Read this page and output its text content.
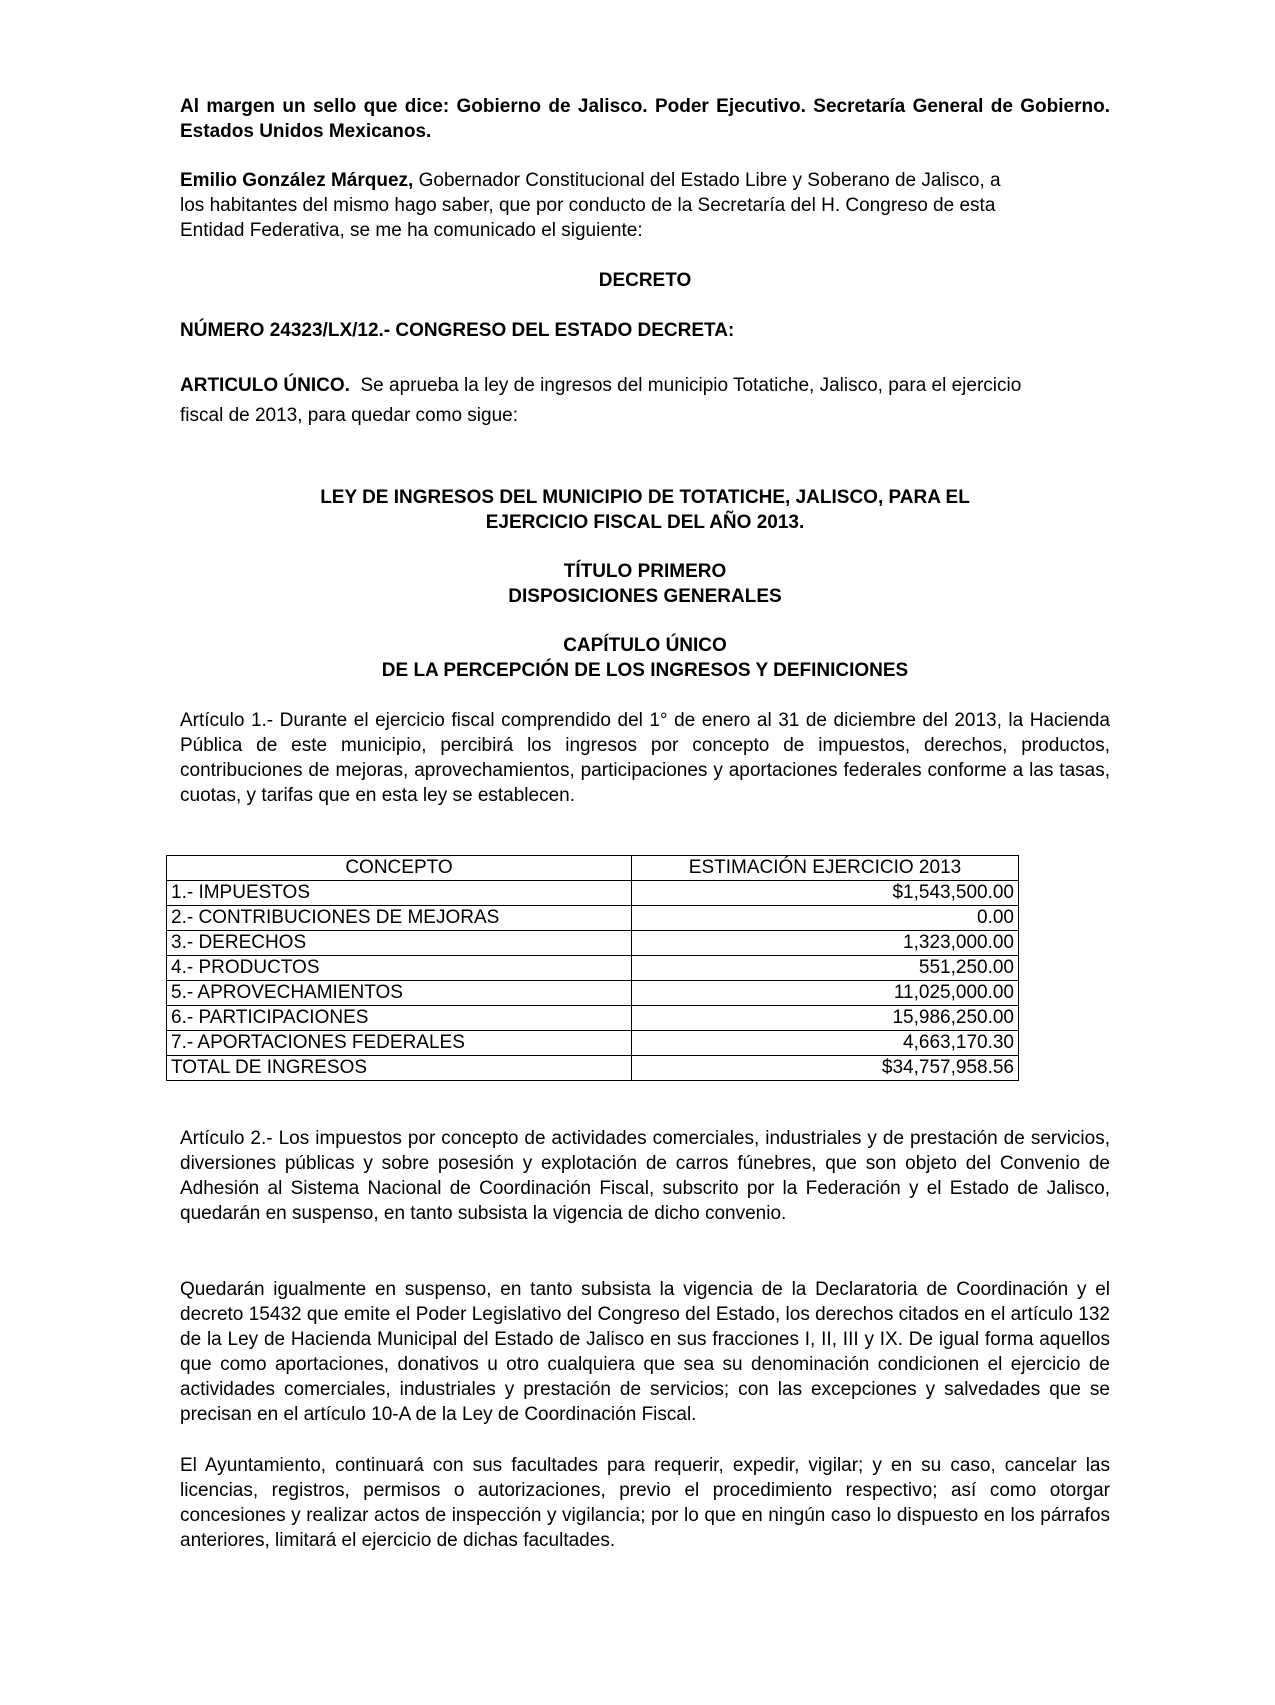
Al margen un sello que dice: Gobierno de Jalisco. Poder Ejecutivo. Secretaría General de Gobierno. Estados Unidos Mexicanos.

Emilio González Márquez, Gobernador Constitucional del Estado Libre y Soberano de Jalisco, a
los habitantes del mismo hago saber, que por conducto de la Secretaría del H. Congreso de esta
Entidad Federativa, se me ha comunicado el siguiente:

DECRETO

NÚMERO 24323/LX/12.- CONGRESO DEL ESTADO DECRETA:

ARTICULO ÚNICO. Se aprueba la ley de ingresos del municipio Totatiche, Jalisco, para el ejercicio
fiscal de 2013, para quedar como sigue:

LEY DE INGRESOS DEL MUNICIPIO DE TOTATICHE, JALISCO, PARA EL
EJERCICIO FISCAL DEL AÑO 2013.

TÍTULO PRIMERO
DISPOSICIONES GENERALES

CAPÍTULO ÚNICO
DE LA PERCEPCIÓN DE LOS INGRESOS Y DEFINICIONES

Artículo 1.- Durante el ejercicio fiscal comprendido del 1° de enero al 31 de diciembre del 2013, la Hacienda Pública de este municipio, percibirá los ingresos por concepto de impuestos, derechos, productos, contribuciones de mejoras, aprovechamientos, participaciones y aportaciones federales conforme a las tasas, cuotas, y tarifas que en esta ley se establecen.

CONCEPTO	ESTIMACIÓN EJERCICIO 2013
1.- IMPUESTOS	$1,543,500.00
2.- CONTRIBUCIONES DE MEJORAS	0.00
3.- DERECHOS	1,323,000.00
4.- PRODUCTOS	551,250.00
5.- APROVECHAMIENTOS	11,025,000.00
6.- PARTICIPACIONES	15,986,250.00
7.- APORTACIONES FEDERALES	4,663,170.30
TOTAL DE INGRESOS	$34,757,958.56

Artículo 2.- Los impuestos por concepto de actividades comerciales, industriales y de prestación de servicios, diversiones públicas y sobre posesión y explotación de carros fúnebres, que son objeto del Convenio de Adhesión al Sistema Nacional de Coordinación Fiscal, subscrito por la Federación y el Estado de Jalisco, quedarán en suspenso, en tanto subsista la vigencia de dicho convenio.

Quedarán igualmente en suspenso, en tanto subsista la vigencia de la Declaratoria de Coordinación y el decreto 15432 que emite el Poder Legislativo del Congreso del Estado, los derechos citados en el artículo 132 de la Ley de Hacienda Municipal del Estado de Jalisco en sus fracciones I, II, III y IX. De igual forma aquellos que como aportaciones, donativos u otro cualquiera que sea su denominación condicionen el ejercicio de actividades comerciales, industriales y prestación de servicios; con las excepciones y salvedades que se precisan en el artículo 10-A de la Ley de Coordinación Fiscal.

El Ayuntamiento, continuará con sus facultades para requerir, expedir, vigilar; y en su caso, cancelar las licencias, registros, permisos o autorizaciones, previo el procedimiento respectivo; así como otorgar concesiones y realizar actos de inspección y vigilancia; por lo que en ningún caso lo dispuesto en los párrafos anteriores, limitará el ejercicio de dichas facultades.
